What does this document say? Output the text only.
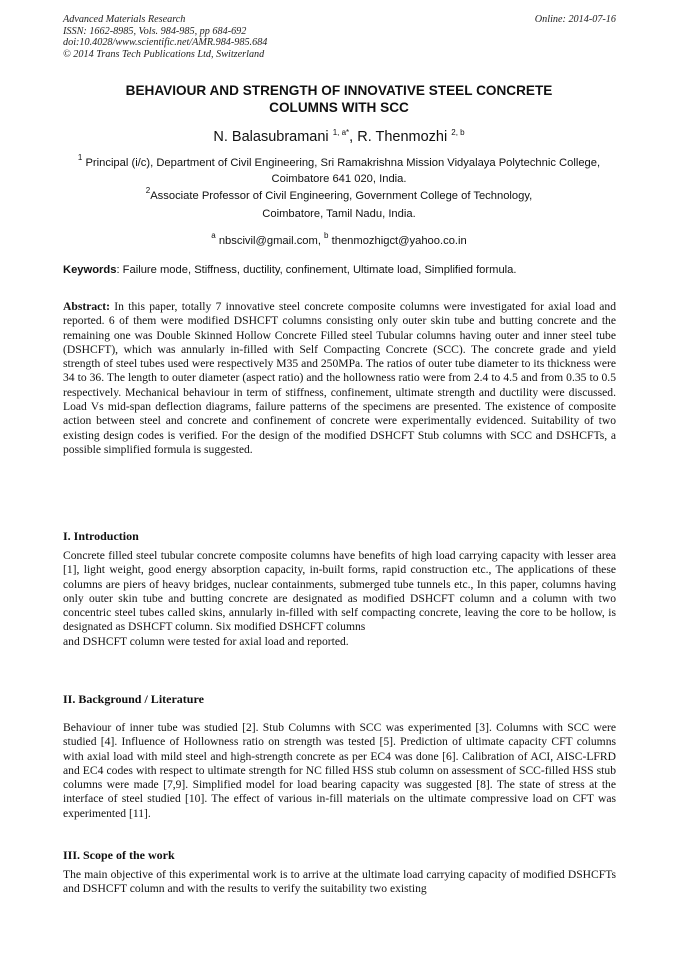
Advanced Materials Research
ISSN: 1662-8985, Vols. 984-985, pp 684-692
doi:10.4028/www.scientific.net/AMR.984-985.684
© 2014 Trans Tech Publications Ltd, Switzerland
Online: 2014-07-16
BEHAVIOUR AND STRENGTH OF INNOVATIVE STEEL CONCRETE
COLUMNS WITH SCC
N. Balasubramani $^{1, a*}$, R. Thenmozhi $^{2, b}$
$^1$ Principal (i/c), Department of Civil Engineering, Sri Ramakrishna Mission Vidyalaya Polytechnic College, Coimbatore 641 020, India.
$^2$Associate Professor of Civil Engineering, Government College of Technology,
Coimbatore, Tamil Nadu, India.
$^a$ nbscivil@gmail.com, $^b$ thenmozhigct@yahoo.co.in
Keywords: Failure mode, Stiffness, ductility, confinement, Ultimate load, Simplified formula.
Abstract: In this paper, totally 7 innovative steel concrete composite columns were investigated for axial load and reported. 6 of them were modified DSHCFT columns consisting only outer skin tube and butting concrete and the remaining one was Double Skinned Hollow Concrete Filled steel Tubular columns having outer and inner steel tube (DSHCFT), which was annularly in-filled with Self Compacting Concrete (SCC). The concrete grade and yield strength of steel tubes used were respectively M35 and 250MPa. The ratios of outer tube diameter to its thickness were 34 to 36. The length to outer diameter (aspect ratio) and the hollowness ratio were from 2.4 to 4.5 and from 0.35 to 0.5 respectively. Mechanical behaviour in term of stiffness, confinement, ultimate strength and ductility were discussed. Load Vs mid-span deflection diagrams, failure patterns of the specimens are presented. The existence of composite action between steel and concrete and confinement of concrete were experimentally evidenced. Suitability of two existing design codes is verified. For the design of the modified DSHCFT Stub columns with SCC and DSHCFTs, a possible simplified formula is suggested.
I. Introduction
Concrete filled steel tubular concrete composite columns have benefits of high load carrying capacity with lesser area [1], light weight, good energy absorption capacity, in-built forms, rapid construction etc., The applications of these columns are piers of heavy bridges, nuclear containments, submerged tube tunnels etc., In this paper, columns having only outer skin tube and butting concrete are designated as modified DSHCFT column and a column with two concentric steel tubes called skins, annularly in-filled with self compacting concrete, leaving the core to be hollow, is designated as DSHCFT column. Six modified DSHCFT columns
and DSHCFT column were tested for axial load and reported.
II. Background / Literature
Behaviour of inner tube was studied [2]. Stub Columns with SCC was experimented [3]. Columns with SCC were studied [4]. Influence of Hollowness ratio on strength was tested [5]. Prediction of ultimate capacity CFT columns with axial load with mild steel and high-strength concrete as per EC4 was done [6]. Calibration of ACI, AISC-LFRD and EC4 codes with respect to ultimate strength for NC filled HSS stub column on assessment of SCC-filled HSS stub columns were made [7,9]. Simplified model for load bearing capacity was suggested [8]. The state of stress at the interface of steel studied [10]. The effect of various in-fill materials on the ultimate compressive load on CFT was experimented [11].
III. Scope of the work
The main objective of this experimental work is to arrive at the ultimate load carrying capacity of modified DSHCFTs and DSHCFT column and with the results to verify the suitability two existing
